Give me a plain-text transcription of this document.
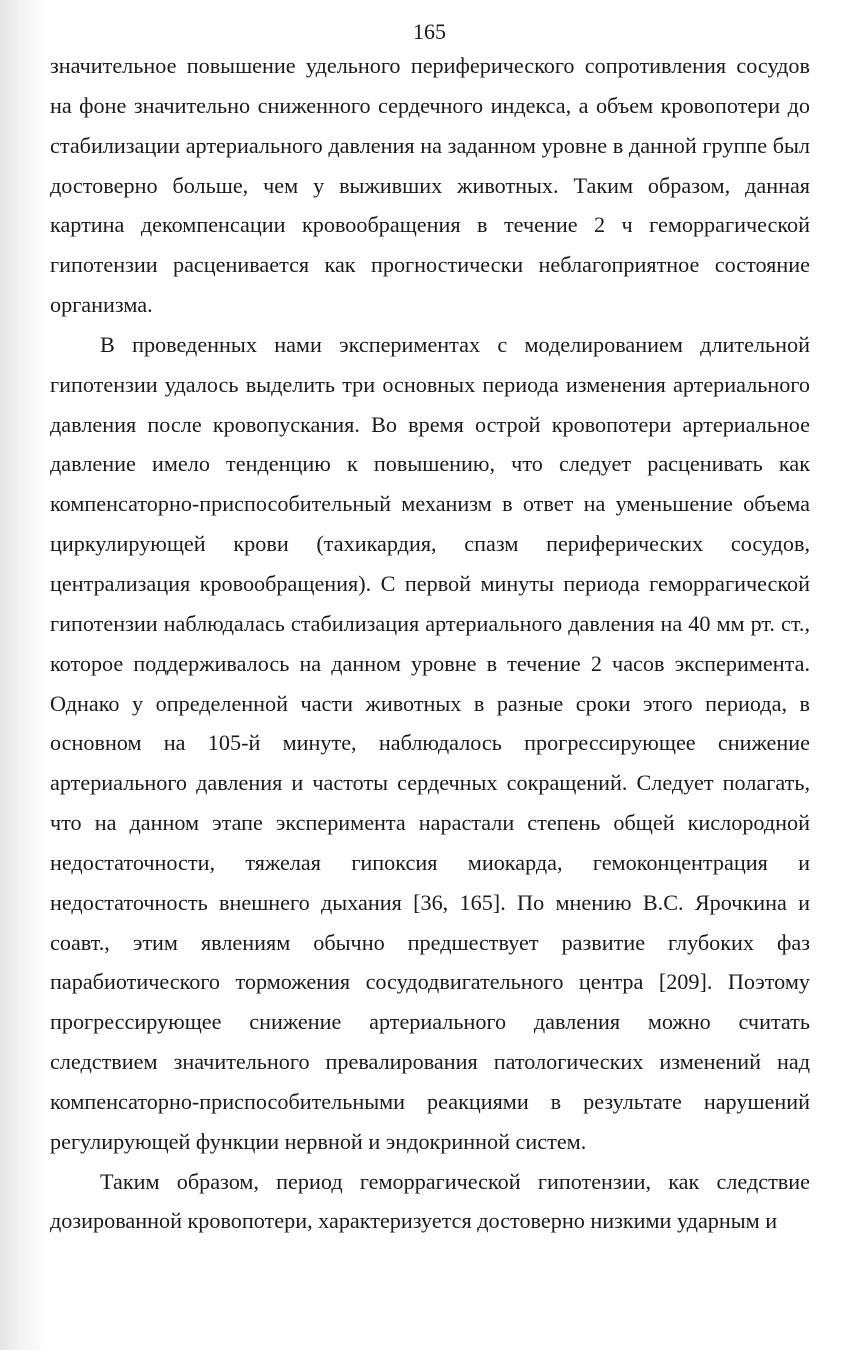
165

значительное повышение удельного периферического сопротивления сосудов на фоне значительно сниженного сердечного индекса, а объем кровопотери до стабилизации артериального давления на заданном уровне в данной группе был достоверно больше, чем у выживших животных. Таким образом, данная картина декомпенсации кровообращения в течение 2 ч геморрагической гипотензии расценивается как прогностически неблагоприятное состояние организма.

В проведенных нами экспериментах с моделированием длительной гипотензии удалось выделить три основных периода изменения артериального давления после кровопускания. Во время острой кровопотери артериальное давление имело тенденцию к повышению, что следует расценивать как компенсаторно-приспособительный механизм в ответ на уменьшение объема циркулирующей крови (тахикардия, спазм периферических сосудов, централизация кровообращения). С первой минуты периода геморрагической гипотензии наблюдалась стабилизация артериального давления на 40 мм рт. ст., которое поддерживалось на данном уровне в течение 2 часов эксперимента. Однако у определенной части животных в разные сроки этого периода, в основном на 105-й минуте, наблюдалось прогрессирующее снижение артериального давления и частоты сердечных сокращений. Следует полагать, что на данном этапе эксперимента нарастали степень общей кислородной недостаточности, тяжелая гипоксия миокарда, гемоконцентрация и недостаточность внешнего дыхания [36, 165]. По мнению В.С. Ярочкина и соавт., этим явлениям обычно предшествует развитие глубоких фаз парабиотического торможения сосудодвигательного центра [209]. Поэтому прогрессирующее снижение артериального давления можно считать следствием значительного превалирования патологических изменений над компенсаторно-приспособительными реакциями в результате нарушений регулирующей функции нервной и эндокринной систем.

Таким образом, период геморрагической гипотензии, как следствие дозированной кровопотери, характеризуется достоверно низкими ударным и
